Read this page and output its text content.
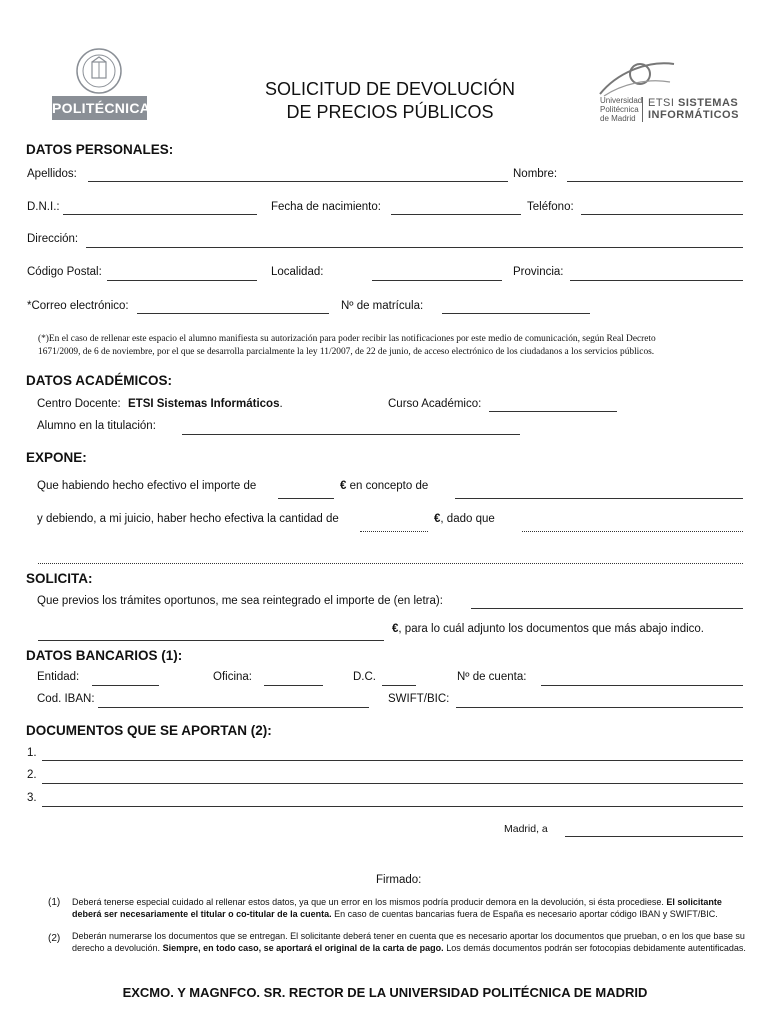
POLITÉCNICA
SOLICITUD DE DEVOLUCIÓN
DE PRECIOS PÚBLICOS
Universidad
Politécnica
de Madrid
ETSI SISTEMAS
INFORMÁTICOS
DATOS PERSONALES:
Apellidos:	Nombre:
D.N.I.:	Fecha de nacimiento:	Teléfono:
Dirección:
Código Postal:	Localidad:	Provincia:
*Correo electrónico:	Nº de matrícula:
(*)En el caso de rellenar este espacio el alumno manifiesta su autorización para poder recibir las notificaciones por este medio de comunicación, según Real Decreto
1671/2009, de 6 de noviembre, por el que se desarrolla parcialmente la ley 11/2007, de 22 de junio, de acceso electrónico de los ciudadanos a los servicios públicos.
DATOS ACADÉMICOS:
Centro Docente: ETSI Sistemas Informáticos.	Curso Académico:
Alumno en la titulación:
EXPONE:
Que habiendo hecho efectivo el importe de	€ en concepto de
y debiendo, a mi juicio, haber hecho efectiva la cantidad de	€, dado que
SOLICITA:
Que previos los trámites oportunos, me sea reintegrado el importe de (en letra):
€, para lo cuál adjunto los documentos que más abajo indico.
DATOS BANCARIOS (1):
Entidad:	Oficina:	D.C.	Nº de cuenta:
Cod. IBAN:	SWIFT/BIC:
DOCUMENTOS QUE SE APORTAN (2):
1.
2.
3.
Madrid, a
Firmado:
(1) Deberá tenerse especial cuidado al rellenar estos datos, ya que un error en los mismos podría producir demora en la devolución, si ésta procediese. El solicitante deberá ser necesariamente el titular o co-titular de la cuenta. En caso de cuentas bancarias fuera de España es necesario aportar código IBAN y SWIFT/BIC.
(2) Deberán numerarse los documentos que se entregan. El solicitante deberá tener en cuenta que es necesario aportar los documentos que prueban, o en los que base su derecho a devolución. Siempre, en todo caso, se aportará el original de la carta de pago. Los demás documentos podrán ser fotocopias debidamente autentificadas.
EXCMO. Y MAGNFCO. SR. RECTOR DE LA UNIVERSIDAD POLITÉCNICA DE MADRID
